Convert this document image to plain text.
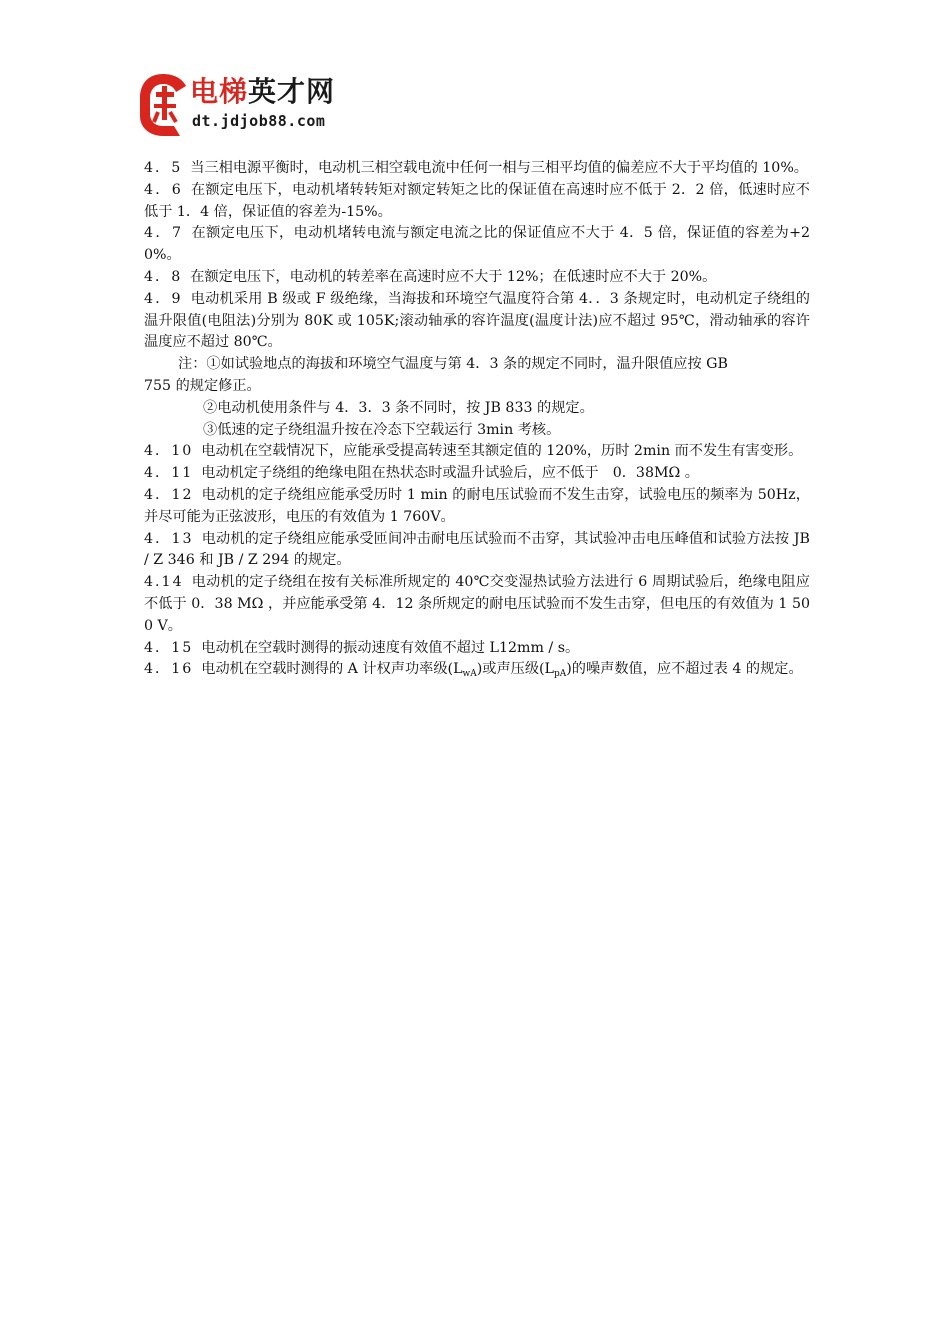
电梯英才网
dt.jdjob88.com

4．5 当三相电源平衡时，电动机三相空载电流中任何一相与三相平均值的偏差应不大于平均值的 10%。

4．6 在额定电压下，电动机堵转转矩对额定转矩之比的保证值在高速时应不低于 2．2 倍，低速时应不低于 1．4 倍，保证值的容差为-15%。

4．7 在额定电压下，电动机堵转电流与额定电流之比的保证值应不大于 4．5 倍，保证值的容差为+20%。

4．8 在额定电压下，电动机的转差率在高速时应不大于 12%；在低速时应不大于 20%。

4．9 电动机采用 B 级或 F 级绝缘，当海拔和环境空气温度符合第 4．．3 条规定时，电动机定子绕组的温升限值(电阻法)分别为 80K 或 105K;滚动轴承的容许温度(温度计法)应不超过 95℃，滑动轴承的容许温度应不超过 80℃。

注：①如试验地点的海拔和环境空气温度与第 4．3 条的规定不同时，温升限值应按 GB

755 的规定修正。

②电动机使用条件与 4．3．3 条不同时，按 JB 833 的规定。

③低速的定子绕组温升按在冷态下空载运行 3min 考核。

4．10 电动机在空载情况下，应能承受提高转速至其额定值的 120%，历时 2min 而不发生有害变形。

4．11 电动机定子绕组的绝缘电阻在热状态时或温升试验后，应不低于　0．38MΩ 。

4．12 电动机的定子绕组应能承受历时 1 min 的耐电压试验而不发生击穿，试验电压的频率为 50Hz，并尽可能为正弦波形，电压的有效值为 1 760V。

4．13 电动机的定子绕组应能承受匝间冲击耐电压试验而不击穿，其试验冲击电压峰值和试验方法按 JB / Z 346 和 JB / Z 294 的规定。

4.14 电动机的定子绕组在按有关标准所规定的 40℃交变湿热试验方法进行 6 周期试验后，绝缘电阻应不低于 0．38 MΩ ，并应能承受第 4．12 条所规定的耐电压试验而不发生击穿，但电压的有效值为 1 500 V。

4．15 电动机在空载时测得的振动速度有效值不超过 L12mm / s。

4．16 电动机在空载时测得的 A 计权声功率级$(L_{wA})$或声压级$(L_{pA})$的噪声数值，应不超过表 4 的规定。
